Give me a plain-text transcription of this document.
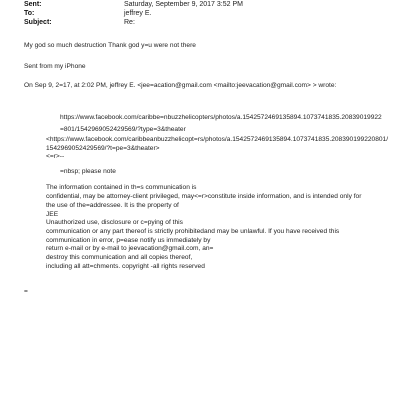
Sent:	Saturday, September 9, 2017 3:52 PM
To:	jeffrey E.
Subject:	Re:
My god so much destruction Thank god y=u were not there
Sent from my iPhone
On Sep 9, 2=17, at 2:02 PM, jeffrey E. <jee=acation@gmail.com <mailto:jeevacation@gmail.com> > wrote:
https://www.facebook.com/caribbe=nbuzzhelicopters/photos/a.1542572469135894.1073741835.20839019922
=801/1542969052429569/?type=3&theater
<https://www.facebook.com/caribbeanbuzzhelicopt=rs/photos/a.1542572469135894.1073741835.208390199220801/
1542969052429569/?t=pe=3&theater>
<=r>--
=nbsp; please note
The information contained in th=s communication is
confidential, may be attorney-client privileged, may<=r>constitute inside information, and is intended only for
the use of the=addressee. It is the property of
JEE
Unauthorized use, disclosure or c=pying of this
communication or any part thereof is strictly prohibitedand may be unlawful. If you have received this
communication in error, p=ease notify us immediately by
return e-mail or by e-mail to jeevacation@gmail.com, an=
destroy this communication and all copies thereof,
including all att=chments. copyright -all rights reserved
=
